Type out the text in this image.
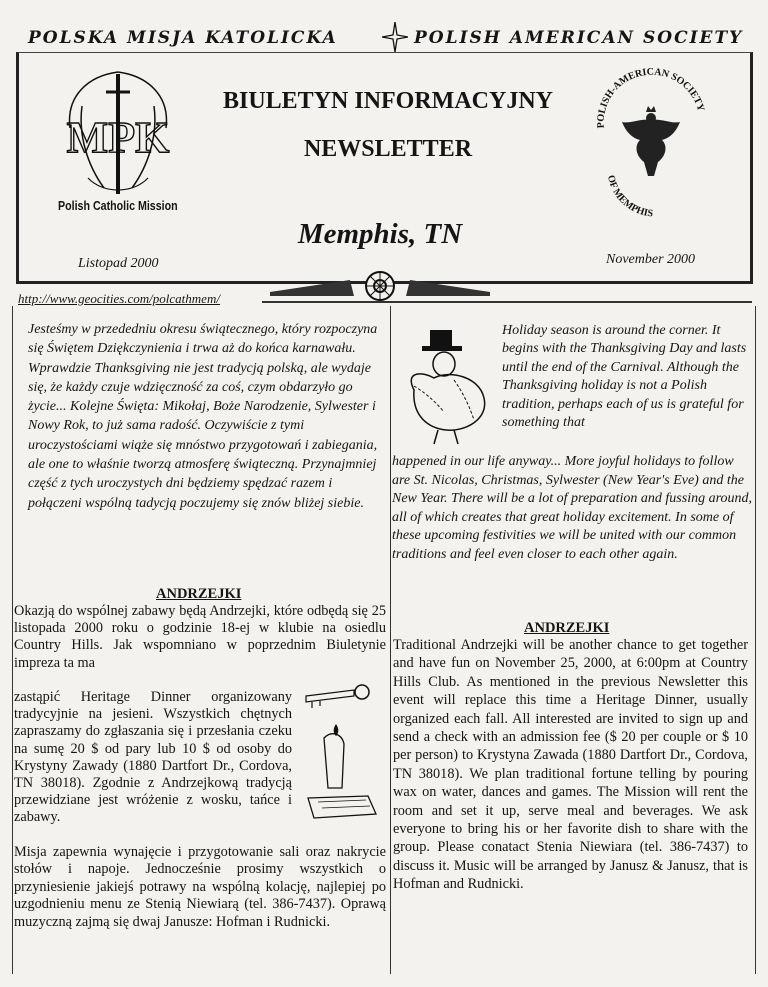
POLSKA MISJA KATOLICKA	POLISH AMERICAN SOCIETY
MPK
Polish Catholic Mission
BIULETYN INFORMACYJNY
NEWSLETTER
Memphis, TN
Listopad 2000	November 2000
POLISH-AMERICAN SOCIETY
OF MEMPHIS
http://www.geocities.com/polcathmem/
Jesteśmy w przededniu okresu świątecznego, który rozpoczyna się Świętem Dziękczynienia i trwa aż do końca karnawału. Wprawdzie Thanksgiving nie jest tradycją polską, ale wydaje się, że każdy czuje wdzięczność za coś, czym obdarzyło go życie... Kolejne Święta: Mikołaj, Boże Narodzenie, Sylwester i Nowy Rok, to już sama radość. Oczywiście z tymi uroczystościami wiąże się mnóstwo przygotowań i zabiegania, ale one to właśnie tworzą atmosferę świąteczną. Przynajmniej część z tych uroczystych dni będziemy spędzać razem i połączeni wspólną tadycją poczujemy się znów bliżej siebie.
Holiday season is around the corner. It begins with the Thanksgiving Day and lasts until the end of the Carnival. Although the Thanksgiving holiday is not a Polish tradition, perhaps each of us is grateful for something that
happened in our life anyway... More joyful holidays to follow are St. Nicolas, Christmas, Sylwester (New Year's Eve) and the New Year. There will be a lot of preparation and fussing around, all of which creates that great holiday excitement. In some of these upcoming festivities we will be united with our common traditions and feel even closer to each other again.
ANDRZEJKI
Okazją do wspólnej zabawy będą Andrzejki, które odbędą się 25 listopada 2000 roku o godzinie 18-ej w klubie na osiedlu Country Hills. Jak wspomniano w poprzednim Biuletynie impreza ta ma
zastąpić Heritage Dinner organizowany tradycyjnie na jesieni. Wszystkich chętnych zapraszamy do zgłaszania się i przesłania czeku na sumę 20 $ od pary lub 10 $ od osoby do Krystyny Zawady (1880 Dartfort Dr., Cordova, TN 38018). Zgodnie z Andrzejkową tradycją przewidziane jest wróżenie z wosku, tańce i zabawy.
Misja zapewnia wynajęcie i przygotowanie sali oraz nakrycie stołów i napoje. Jednocześnie prosimy wszystkich o przyniesienie jakiejś potrawy na wspólną kolację, najlepiej po uzgodnieniu menu ze Stenią Niewiarą (tel. 386-7437). Oprawą muzyczną zajmą się dwaj Janusze: Hofman i Rudnicki.
ANDRZEJKI
Traditional Andrzejki will be another chance to get together and have fun on November 25, 2000, at 6:00pm at Country Hills Club. As mentioned in the previous Newsletter this event will replace this time a Heritage Dinner, usually organized each fall. All interested are invited to sign up and send a check with an admission fee ($ 20 per couple or $ 10 per person) to Krystyna Zawada (1880 Dartfort Dr., Cordova, TN 38018). We plan traditional fortune telling by pouring wax on water, dances and games. The Mission will rent the room and set it up, serve meal and beverages. We ask everyone to bring his or her favorite dish to share with the group. Please conatact Stenia Niewiara (tel. 386-7437) to discuss it. Music will be arranged by Janusz & Janusz, that is Hofman and Rudnicki.
